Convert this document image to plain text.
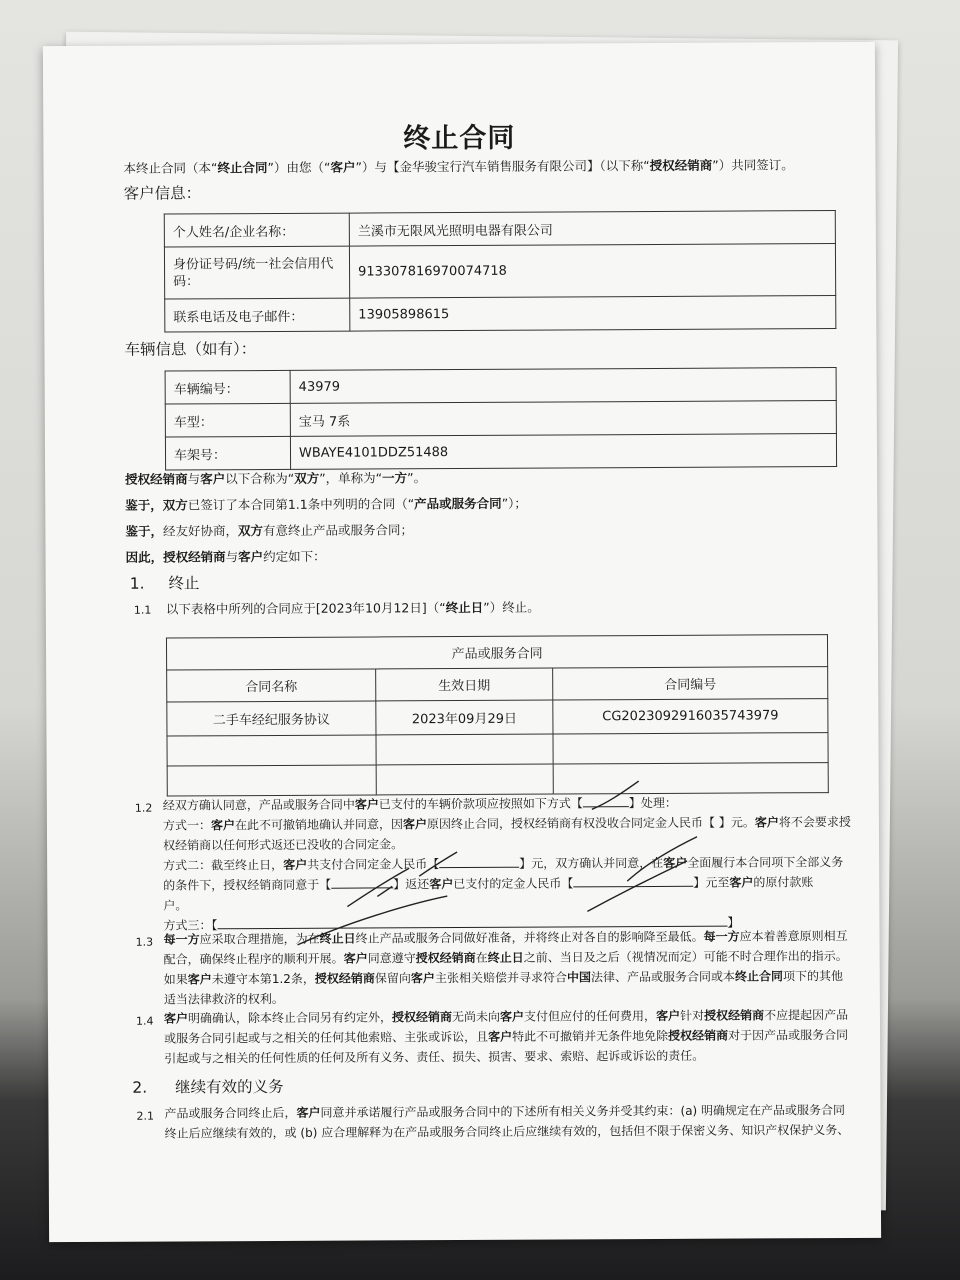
终止合同
本终止合同（本“终止合同”）由您（“客户”）与【金华骏宝行汽车销售服务有限公司】（以下称“授权经销商”）共同签订。
客户信息：
个人姓名/企业名称：	兰溪市无限风光照明电器有限公司
身份证号码/统一社会信用代码：	913307816970074718
联系电话及电子邮件：	13905898615
车辆信息（如有）：
车辆编号：	43979
车型：	宝马 7系
车架号：	WBAYE4101DDZ51488
授权经销商与客户以下合称为“双方”，单称为“一方”。
鉴于，双方已签订了本合同第1.1条中列明的合同（“产品或服务合同”）；
鉴于，经友好协商，双方有意终止产品或服务合同；
因此，授权经销商与客户约定如下：
1. 终止
1.1 以下表格中所列的合同应于[2023年10月12日]（“终止日”）终止。
产品或服务合同		
合同名称	生效日期	合同编号
二手车经纪服务协议	2023年09月29日	CG2023092916035743979

1.2 经双方确认同意，产品或服务合同中客户已支付的车辆价款项应按照如下方式【	】处理：
方式一：客户在此不可撤销地确认并同意，因客户原因终止合同，授权经销商有权没收合同定金人民币【 】元。客户将不会要求授
权经销商以任何形式返还已没收的合同定金。
方式二：截至终止日，客户共支付合同定金人民币【	】元，双方确认并同意，在客户全面履行本合同项下全部义务
的条件下，授权经销商同意于【	】返还客户已支付的定金人民币【	】元至客户的原付款账
户。
方式三：【	】
1.3 每一方应采取合理措施，为在终止日终止产品或服务合同做好准备，并将终止对各自的影响降至最低。每一方应本着善意原则相互
配合，确保终止程序的顺利开展。客户同意遵守授权经销商在终止日之前、当日及之后（视情况而定）可能不时合理作出的指示。
如果客户未遵守本第1.2条，授权经销商保留向客户主张相关赔偿并寻求符合中国法律、产品或服务合同或本终止合同项下的其他
适当法律救济的权利。
1.4 客户明确确认，除本终止合同另有约定外，授权经销商无尚未向客户支付但应付的任何费用，客户针对授权经销商不应提起因产品
或服务合同引起或与之相关的任何其他索赔、主张或诉讼，且客户特此不可撤销并无条件地免除授权经销商对于因产品或服务合同
引起或与之相关的任何性质的任何及所有义务、责任、损失、损害、要求、索赔、起诉或诉讼的责任。
2. 继续有效的义务
2.1 产品或服务合同终止后，客户同意并承诺履行产品或服务合同中的下述所有相关义务并受其约束：(a) 明确规定在产品或服务合同
终止后应继续有效的，或 (b) 应合理解释为在产品或服务合同终止后应继续有效的，包括但不限于保密义务、知识产权保护义务、
